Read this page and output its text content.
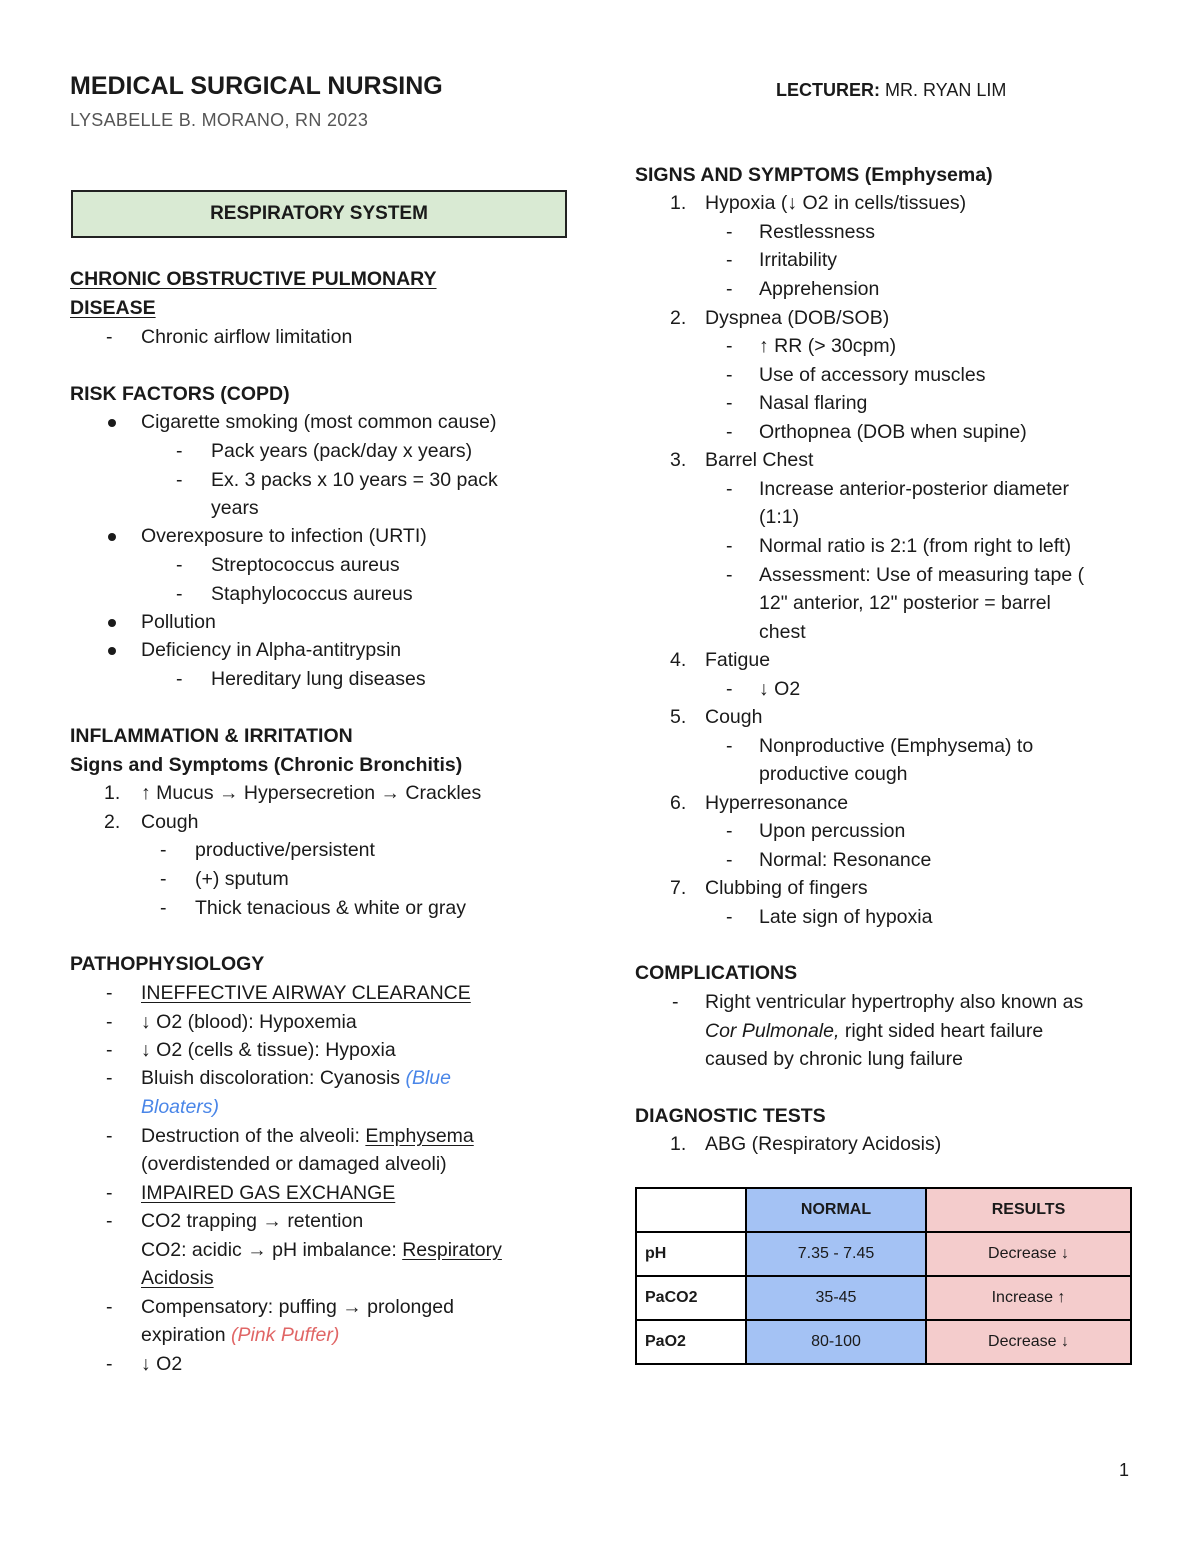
MEDICAL SURGICAL NURSING	LECTURER: MR. RYAN LIM
LYSABELLE B. MORANO, RN 2023
RESPIRATORY SYSTEM
CHRONIC OBSTRUCTIVE PULMONARY
DISEASE
- Chronic airflow limitation
RISK FACTORS (COPD)
Cigarette smoking (most common cause)
- Pack years (pack/day x years)
- Ex. 3 packs x 10 years = 30 pack
years
Overexposure to infection (URTI)
- Streptococcus aureus
- Staphylococcus aureus
Pollution
Deficiency in Alpha-antitrypsin
- Hereditary lung diseases
INFLAMMATION & IRRITATION
Signs and Symptoms (Chronic Bronchitis)
1. ↑ Mucus → Hypersecretion → Crackles
2. Cough
- productive/persistent
- (+) sputum
- Thick tenacious & white or gray
PATHOPHYSIOLOGY
- INEFFECTIVE AIRWAY CLEARANCE
- ↓ O2 (blood): Hypoxemia
- ↓ O2 (cells & tissue): Hypoxia
- Bluish discoloration: Cyanosis (Blue
Bloaters)
- Destruction of the alveoli: Emphysema
(overdistended or damaged alveoli)
- IMPAIRED GAS EXCHANGE
- CO2 trapping → retention
CO2: acidic → pH imbalance: Respiratory
Acidosis
- Compensatory: puffing → prolonged
expiration (Pink Puffer)
- ↓ O2
SIGNS AND SYMPTOMS (Emphysema)
1. Hypoxia (↓ O2 in cells/tissues)
- Restlessness
- Irritability
- Apprehension
2. Dyspnea (DOB/SOB)
- ↑ RR (> 30cpm)
- Use of accessory muscles
- Nasal flaring
- Orthopnea (DOB when supine)
3. Barrel Chest
- Increase anterior-posterior diameter
(1:1)
- Normal ratio is 2:1 (from right to left)
- Assessment: Use of measuring tape (
12" anterior, 12" posterior = barrel
chest
4. Fatigue
- ↓ O2
5. Cough
- Nonproductive (Emphysema) to
productive cough
6. Hyperresonance
- Upon percussion
- Normal: Resonance
7. Clubbing of fingers
- Late sign of hypoxia
COMPLICATIONS
- Right ventricular hypertrophy also known as
Cor Pulmonale, right sided heart failure
caused by chronic lung failure
DIAGNOSTIC TESTS
1. ABG (Respiratory Acidosis)
	NORMAL	RESULTS
pH	7.35 - 7.45	Decrease ↓
PaCO2	35-45	Increase ↑
PaO2	80-100	Decrease ↓
1
